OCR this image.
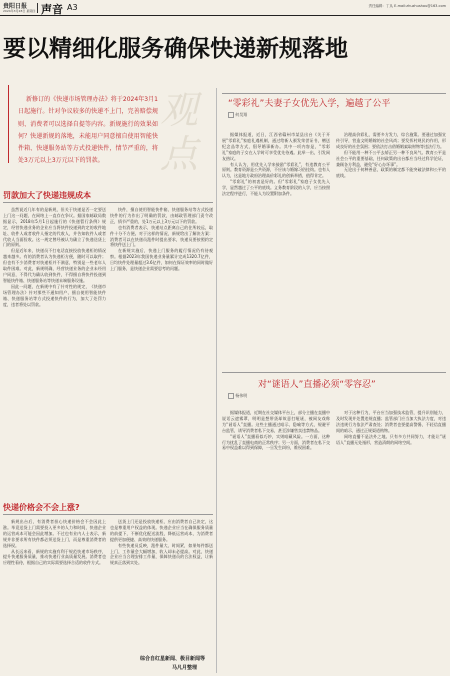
贵阳日报
2024年3月28日 星期四 声音 A3	责任编辑：丁从 E-mail:zhuzhushou@163.com
要以精细化服务确保快递新规落地
观点

新修订的《快递市场管理办法》将于2024年3月1日起施行。针对争议较多的快递不上门，完善赔偿规则、消费者可以选择自提等内容。新规施行的效果如何？快递新规的落地，未能用户同意擅自使用智能快件箱、快递服务站等方式投递快件，情节严重的，将处3万元以上3万元以下的罚款。

罚款加大了快递违规成本

虽然说近几年有的是新规，但关于快递是否一定要送上门这一问题，在网络上一直存在争议。据国家邮政局数据显示，2018年5月1日起施行的《快递暂行条例》规定，经营快递业务的企业应当将快件投递到约定的收件地址、收件人或者收件人指定的代收人，并告知收件人或者代收人当面验收。这一规定曾经被认为确立了快递送货上门的原则。

但是近年来，快递员不打电话直接投放快递柜的情况越来越多。有的消费者认为快递柜方便，随时可以取件；但也有不少消费者对快递柜并不满意，特别是一些老年人取件困难。对此，新规明确，经营快递业务的企业未经用户同意，不得代为确认收到快件，不得擅自将快件投递到智能快件箱、快递服务站等快递末端服务设施。

因此一问题，在新规中有了针对性的规定，《快递市场管理办法》针对那些不通知用户、擅自使用智能快件箱、快递服务站等方式投递快件的行为，加大了处罚力度，违者将处以罚款。

快件，擅自使用智能快件箱、快递服务站等方式投递快件的行为作出了明确的罚款，由邮政管理部门责令改正，情节严重的，处1万元以上3万元以下的罚款。

也有消费者表示，快递站点距离自己的住所较远，取件十分不方便。对于这样的情况，新规给出了解决方案：消费者可以在快递员派件时提出要求，快递员要按照约定将快件送上门。

在新规实施后，快递上门服务的履行情况仍有待观察。根据2023年我国快递业务量累计完成1320.7亿件，日均快件处理量超过3.6亿件，如何在保证效率的同时做好上门服务，是快递企业需要思考的问题。

快递价格会不会上涨?

新规出台后，有消费者担心快递价格会不会因此上涨。毕竟送货上门需要投入更多的人力和时间，快递企业的运营成本可能会因此增加。不过也有业内人士表示，新规并非要求所有快件都必须送货上门，而是尊重消费者的选择权。

从长远来看，新规的实施有利于规范快递市场秩序，提升快递服务质量，推动快递行业高质量发展。消费者也应理性看待，根据自己的实际需要选择合适的收件方式。

送货上门还是投放快递柜，应由消费者自己决定，这也是尊重用户权益的体现。快递企业应当在确保服务质量的前提下，不断优化配送流程，降低运营成本，为消费者提供更加便捷、高效的快递服务。

有些快递员反映，派件量大、时间紧，如果每件都送上门，工作量会大幅增加，收入却未必提高。对此，快递企业应当合理安排工作量，保障快递员的合法权益，让新规真正落到实处。

综合自红星新闻、极目新闻等
马凡月整理
“零彩礼”夫妻子女优先入学，遍越了公平
何昊翔

据媒体报道，近日，江西省赣州市某县出台《关于开展“零彩礼”家庭礼遇机制，通过给新人颁发荣誉证书，赠送纪念品等方式，倡导婚事新办。其中一项内容是，“零彩礼”家庭的子女在入学时可享受优先待遇。此举一出，引发网友热议。

有人认为，用优先入学来鼓励“零彩礼”，有违教育公平原则。教育资源是公共资源，不应该与婚嫁习俗挂钩。也有人认为，这是地方政府治理高价彩礼的创新举措，值得肯定。

“零彩礼”的初衷是好的。但“零彩礼”家庭子女优先入学，显然越过了公平的底线。义务教育阶段的入学，应当按照法定程序进行，不能人为设置附加条件。

治理高价彩礼，需要多方发力，综合施策。要通过加强宣传引导，营造文明婚嫁的社会风尚；要发挥村规民约作用，形成良好的社会氛围；要依法打击借婚姻索取财物等违法行为。

但不能用一种不公平去矫正另一种不良风气。教育公平是社会公平的重要基础，任何政策的出台都应当经过科学论证，兼顾各方利益，避免“好心办坏事”。

无论出于何种善意，政策的制定都不能突破法律和公平的底线。

对“谜语人”直播必须“零容忍”
杨伟明

据媒体报道，近期在社交媒体平台上，部分主播在直播中说话云遮雾罩，明明是想带货却故意打哑谜，被网友戏称为“谜语人”直播。这些主播通过暗示、隐喻等方式，规避平台监管，诱导消费者私下交易，甚至涉嫌售卖违禁物品。

“谜语人”直播看似巧妙，实则暗藏风险。一方面，这种行为扰乱了直播电商的正常秩序；另一方面，消费者在私下交易中权益难以得到保障，一旦发生纠纷，维权困难。

对于这种行为，平台应当加强技术监管，提升识别能力，及时发现并处置违规直播；监管部门应当加大执法力度，对违法违规行为依法严肃查处；消费者也要提高警惕，不轻信直播间的暗示，通过正规渠道购物。

网络直播不是法外之地。只有多方共同努力，才能让“谜语人”直播无处遁形，营造清朗的网络空间。
